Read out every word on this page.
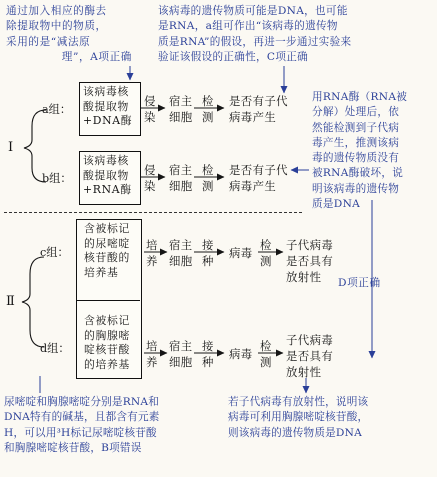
通过加入相应的酶去
除提取物中的物质，
采用的是“减法原
理”，A项正确
该病毒的遗传物质可能是DNA，也可能
是RNA，a组可作出“该病毒的遗传物
质是RNA”的假设，再进一步通过实验来
验证该假设的正确性，C项正确
Ⅰ
a组：
该病毒核
酸提取物
+DNA酶
侵
染
宿主
细胞
检
测
是否有子代
病毒产生
b组：
该病毒核
酸提取物
+RNA酶
侵
染
宿主
细胞
检
测
是否有子代
病毒产生
用RNA酶（RNA被
分解）处理后，依
然能检测到子代病
毒产生，推测该病
毒的遗传物质没有
被RNA酶破坏，说
明该病毒的遗传物
质是DNA
Ⅱ
c组：
含被标记
的尿嘧啶
核苷酸的
培养基
培
养
宿主
细胞
接
种
病毒
检
测
子代病毒
是否具有
放射性	D项正确
d组：
含被标记
的胸腺嘧
啶核苷酸
的培养基
培
养
宿主
细胞
接
种
病毒
检
测
子代病毒
是否具有
放射性
尿嘧啶和胸腺嘧啶分别是RNA和
DNA特有的碱基，且都含有元素
H，可以用³H标记尿嘧啶核苷酸
和胸腺嘧啶核苷酸，B项错误
若子代病毒有放射性，说明该
病毒可利用胸腺嘧啶核苷酸，
则该病毒的遗传物质是DNA
